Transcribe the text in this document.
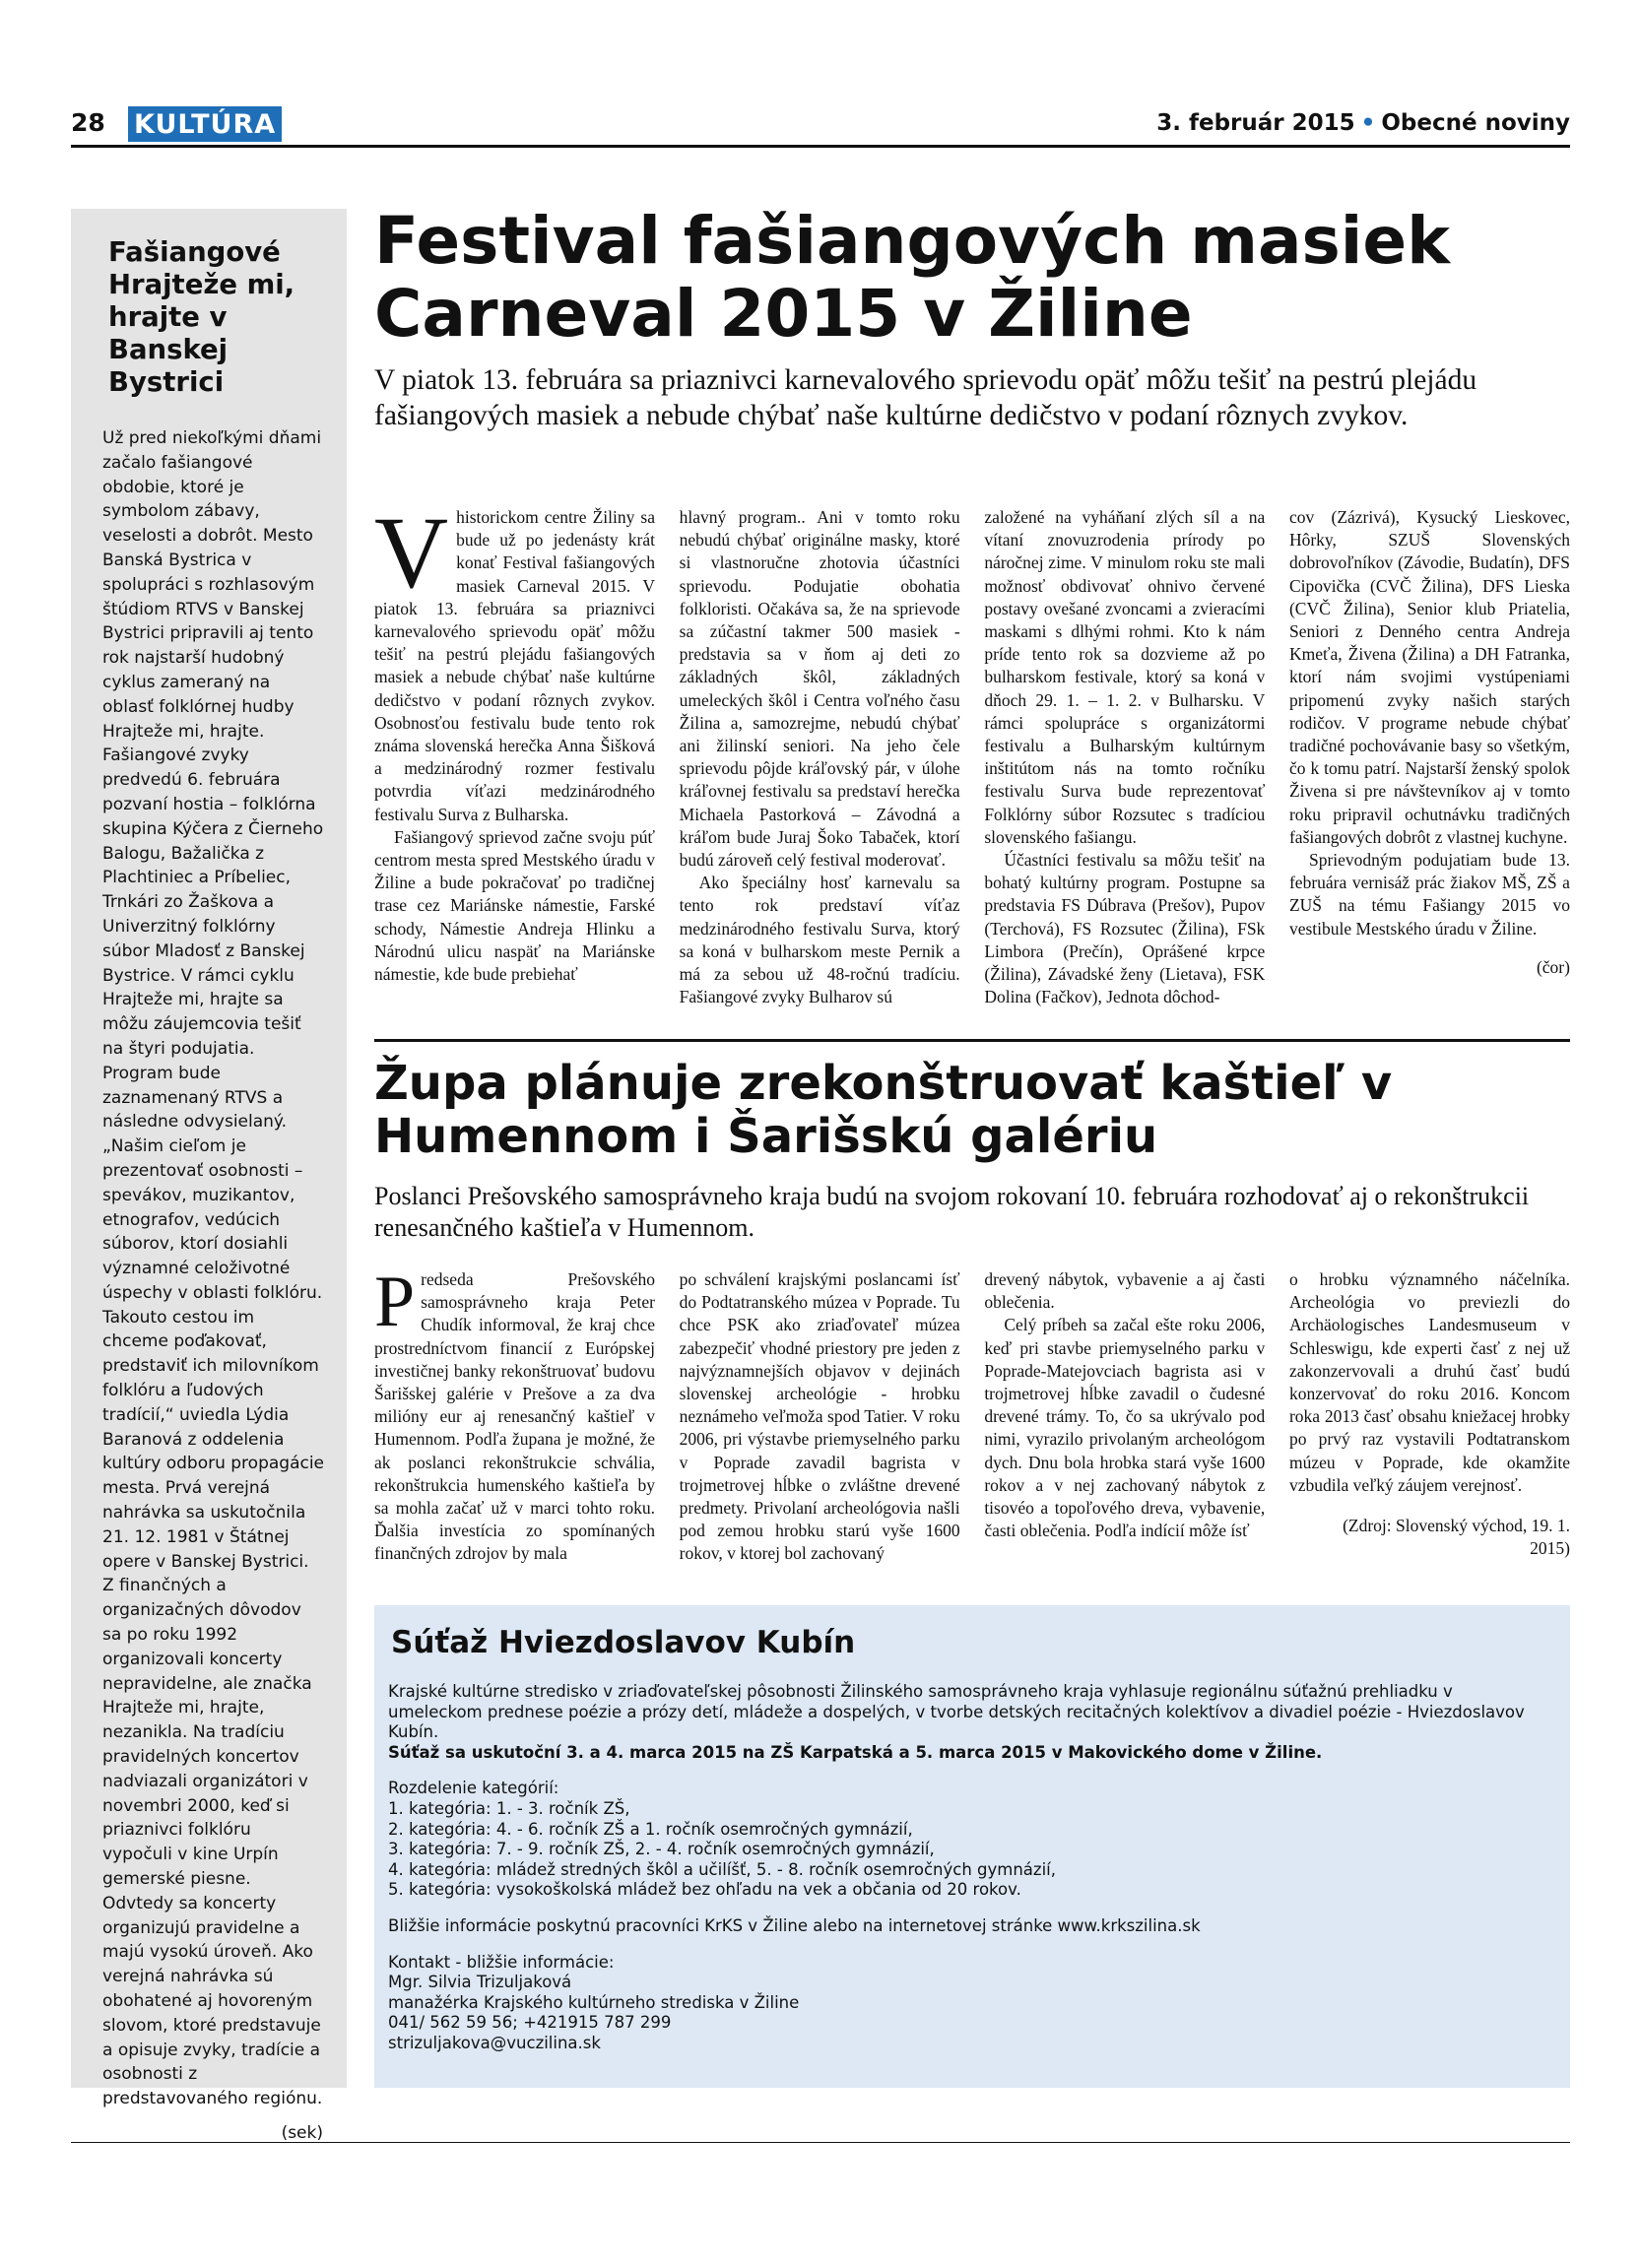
28 KULTÚRA	3. február 2015 • Obecné noviny
Fašiangové Hrajteže mi, hrajte v Banskej Bystrici
Už pred niekoľkými dňami začalo fašiangové obdobie, ktoré je symbolom zábavy, veselosti a dobrôt. Mesto Banská Bystrica v spolupráci s rozhlasovým štúdiom RTVS v Banskej Bystrici pripravili aj tento rok najstarší hudobný cyklus zameraný na oblasť folklórnej hudby Hrajteže mi, hrajte. Fašiangové zvyky predvedú 6. februára pozvaní hostia – folklórna skupina Kýčera z Čierneho Balogu, Bažalička z Plachtiniec a Príbeliec, Trnkári zo Žaškova a Univerzitný folklórny súbor Mladosť z Banskej Bystrice. V rámci cyklu Hrajteže mi, hrajte sa môžu záujemcovia tešiť na štyri podujatia. Program bude zaznamenaný RTVS a následne odvysielaný. „Našim cieľom je prezentovať osobnosti – spevákov, muzikantov, etnografov, vedúcich súborov, ktorí dosiahli významné celoživotné úspechy v oblasti folklóru. Takouto cestou im chceme poďakovať, predstaviť ich milovníkom folklóru a ľudových tradícií,“ uviedla Lýdia Baranová z oddelenia kultúry odboru propagácie mesta. Prvá verejná nahrávka sa uskutočnila 21. 12. 1981 v Štátnej opere v Banskej Bystrici. Z finančných a organizačných dôvodov sa po roku 1992 organizovali koncerty nepravidelne, ale značka Hrajteže mi, hrajte, nezanikla. Na tradíciu pravidelných koncertov nadviazali organizátori v novembri 2000, keď si priaznivci folklóru vypočuli v kine Urpín gemerské piesne. Odvtedy sa koncerty organizujú pravidelne a majú vysokú úroveň. Ako verejná nahrávka sú obohatené aj hovoreným slovom, ktoré predstavuje a opisuje zvyky, tradície a osobnosti z predstavovaného regiónu.
(sek)
Festival fašiangových masiek Carneval 2015 v Žiline
V piatok 13. februára sa priaznivci karnevalového sprievodu opäť môžu tešiť na pestrú plejádu fašiangových masiek a nebude chýbať naše kultúrne dedičstvo v podaní rôznych zvykov.

Vhistorickom centre Žiliny sa bude už po jedenásty krát konať Festival fašiangových masiek Carneval 2015. V piatok 13. februára sa priaznivci karnevalového sprievodu opäť môžu tešiť na pestrú plejádu fašiangových masiek a nebude chýbať naše kultúrne dedičstvo v podaní rôznych zvykov. Osobnosťou festivalu bude tento rok známa slovenská herečka Anna Šišková a medzinárodný rozmer festivalu potvrdia víťazi medzinárodného festivalu Surva z Bulharska.

Fašiangový sprievod začne svoju púť centrom mesta spred Mestského úradu v Žiline a bude pokračovať po tradičnej trase cez Mariánske námestie, Farské schody, Námestie Andreja Hlinku a Národnú ulicu naspäť na Mariánske námestie, kde bude prebiehať

hlavný program.. Ani v tomto roku nebudú chýbať originálne masky, ktoré si vlastnoručne zhotovia účastníci sprievodu. Podujatie obohatia folkloristi. Očakáva sa, že na sprievode sa zúčastní takmer 500 masiek - predstavia sa v ňom aj deti zo základných škôl, základných umeleckých škôl i Centra voľného času Žilina a, samozrejme, nebudú chýbať ani žilinskí seniori. Na jeho čele sprievodu pôjde kráľovský pár, v úlohe kráľovnej festivalu sa predstaví herečka Michaela Pastorková – Závodná a kráľom bude Juraj Šoko Tabaček, ktorí budú zároveň celý festival moderovať.

Ako špeciálny hosť karnevalu sa tento rok predstaví víťaz medzinárodného festivalu Surva, ktorý sa koná v bulharskom meste Pernik a má za sebou už 48-ročnú tradíciu. Fašiangové zvyky Bulharov sú

založené na vyháňaní zlých síl a na vítaní znovuzrodenia prírody po náročnej zime. V minulom roku ste mali možnosť obdivovať ohnivo červené postavy ovešané zvoncami a zvieracími maskami s dlhými rohmi. Kto k nám príde tento rok sa dozvieme až po bulharskom festivale, ktorý sa koná v dňoch 29. 1. – 1. 2. v Bulharsku. V rámci spolupráce s organizátormi festivalu a Bulharským kultúrnym inštitútom nás na tomto ročníku festivalu Surva bude reprezentovať Folklórny súbor Rozsutec s tradíciou slovenského fašiangu.

Účastníci festivalu sa môžu tešiť na bohatý kultúrny program. Postupne sa predstavia FS Dúbrava (Prešov), Pupov (Terchová), FS Rozsutec (Žilina), FSk Limbora (Prečín), Oprášené krpce (Žilina), Závadské ženy (Lietava), FSK Dolina (Fačkov), Jednota dôchod-

cov (Zázrivá), Kysucký Lieskovec, Hôrky, SZUŠ Slovenských dobrovoľníkov (Závodie, Budatín), DFS Cipovička (CVČ Žilina), DFS Lieska (CVČ Žilina), Senior klub Priatelia, Seniori z Denného centra Andreja Kmeťa, Živena (Žilina) a DH Fatranka, ktorí nám svojimi vystúpeniami pripomenú zvyky našich starých rodičov. V programe nebude chýbať tradičné pochovávanie basy so všetkým, čo k tomu patrí. Najstarší ženský spolok Živena si pre návštevníkov aj v tomto roku pripravil ochutnávku tradičných fašiangových dobrôt z vlastnej kuchyne.

Sprievodným podujatiam bude 13. februára vernisáž prác žiakov MŠ, ZŠ a ZUŠ na tému Fašiangy 2015 vo vestibule Mestského úradu v Žiline.

(čor)
Župa plánuje zrekonštruovať kaštieľ v Humennom i Šarišskú galériu
Poslanci Prešovského samosprávneho kraja budú na svojom rokovaní 10. februára rozhodovať aj o rekonštrukcii renesančného kaštieľa v Humennom.

Predseda Prešovského samosprávneho kraja Peter Chudík informoval, že kraj chce prostredníctvom financií z Európskej investičnej banky rekonštruovať budovu Šarišskej galérie v Prešove a za dva milióny eur aj renesančný kaštieľ v Humennom. Podľa župana je možné, že ak poslanci rekonštrukcie schvália, rekonštrukcia humenského kaštieľa by sa mohla začať už v marci tohto roku. Ďalšia investícia zo spomínaných finančných zdrojov by mala

po schválení krajskými poslancami ísť do Podtatranského múzea v Poprade. Tu chce PSK ako zriaďovateľ múzea zabezpečiť vhodné priestory pre jeden z najvýznamnejších objavov v dejinách slovenskej archeológie - hrobku neznámeho veľmoža spod Tatier. V roku 2006, pri výstavbe priemyselného parku v Poprade zavadil bagrista v trojmetrovej hĺbke o zvláštne drevené predmety. Privolaní archeológovia našli pod zemou hrobku starú vyše 1600 rokov, v ktorej bol zachovaný

drevený nábytok, vybavenie a aj časti oblečenia.

Celý príbeh sa začal ešte roku 2006, keď pri stavbe priemyselného parku v Poprade-Matejovciach bagrista asi v trojmetrovej hĺbke zavadil o čudesné drevené trámy. To, čo sa ukrývalo pod nimi, vyrazilo privolaným archeológom dych. Dnu bola hrobka stará vyše 1600 rokov a v nej zachovaný nábytok z tisovéo a topoľového dreva, vybavenie, časti oblečenia. Podľa indícií môže ísť

o hrobku významného náčelníka. Archeológia vo previezli do Archäologisches Landesmuseum v Schleswigu, kde experti časť z nej už zakonzervovali a druhú časť budú konzervovať do roku 2016. Koncom roka 2013 časť obsahu kniežacej hrobky po prvý raz vystavili Podtatranskom múzeu v Poprade, kde okamžite vzbudila veľký záujem verejnosť.

(Zdroj: Slovenský východ, 19. 1. 2015)
Súťaž Hviezdoslavov Kubín
Krajské kultúrne stredisko v zriaďovateľskej pôsobnosti Žilinského samosprávneho kraja vyhlasuje regionálnu súťažnú prehliadku v umeleckom prednese poézie a prózy detí, mládeže a dospelých, v tvorbe detských recitačných kolektívov a divadiel poézie - Hviezdoslavov Kubín.
Súťaž sa uskutoční 3. a 4. marca 2015 na ZŠ Karpatská a 5. marca 2015 v Makovického dome v Žiline.
Rozdelenie kategórií:
1. kategória: 1. - 3. ročník ZŠ,
2. kategória: 4. - 6. ročník ZŠ a 1. ročník osemročných gymnázií,
3. kategória: 7. - 9. ročník ZŠ, 2. - 4. ročník osemročných gymnázií,
4. kategória: mládež stredných škôl a učilíšť, 5. - 8. ročník osemročných gymnázií,
5. kategória: vysokoškolská mládež bez ohľadu na vek a občania od 20 rokov.
Bližšie informácie poskytnú pracovníci KrKS v Žiline alebo na internetovej stránke www.krkszilina.sk
Kontakt - bližšie informácie:
Mgr. Silvia Trizuljaková
manažérka Krajského kultúrneho strediska v Žiline
041/ 562 59 56; +421915 787 299
strizuljakova@vuczilina.sk
